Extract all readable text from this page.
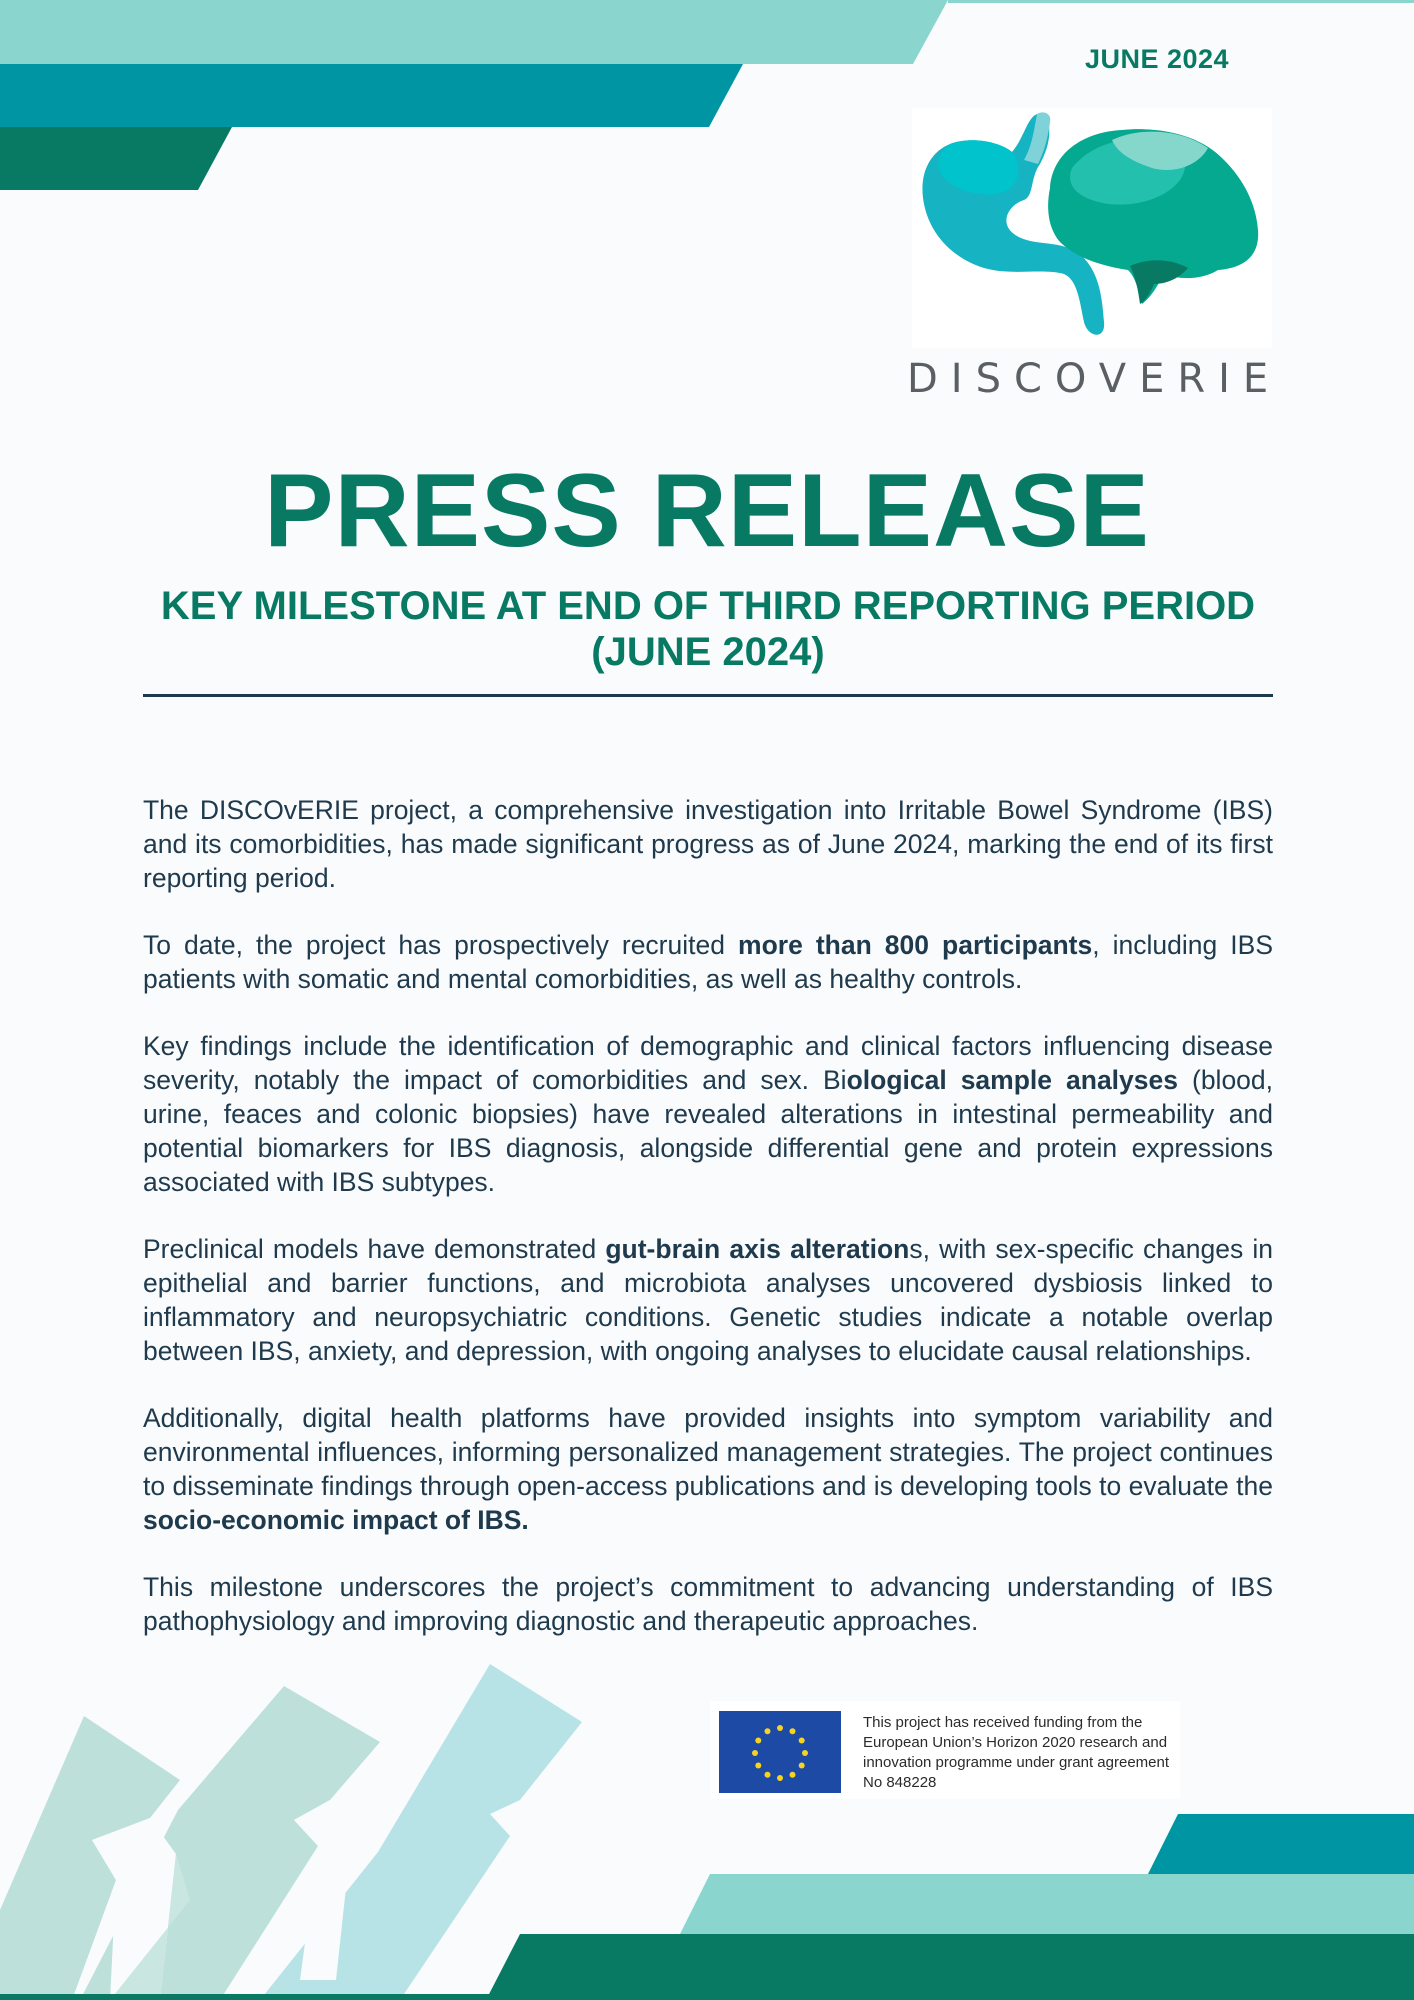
JUNE 2024
DISCOVERIE
PRESS RELEASE
KEY MILESTONE AT END OF THIRD REPORTING PERIOD (JUNE 2024)

The DISCOvERIE project, a comprehensive investigation into Irritable Bowel Syndrome (IBS) and its comorbidities, has made significant progress as of June 2024, marking the end of its first reporting period.

To date, the project has prospectively recruited more than 800 participants, including IBS patients with somatic and mental comorbidities, as well as healthy controls.

Key findings include the identification of demographic and clinical factors influencing disease severity, notably the impact of comorbidities and sex. Biological sample analyses (blood, urine, feaces and colonic biopsies) have revealed alterations in intestinal permeability and potential biomarkers for IBS diagnosis, alongside differential gene and protein expressions associated with IBS subtypes.

Preclinical models have demonstrated gut-brain axis alterations, with sex-specific changes in epithelial and barrier functions, and microbiota analyses uncovered dysbiosis linked to inflammatory and neuropsychiatric conditions. Genetic studies indicate a notable overlap between IBS, anxiety, and depression, with ongoing analyses to elucidate causal relationships.

Additionally, digital health platforms have provided insights into symptom variability and environmental influences, informing personalized management strategies. The project continues to disseminate findings through open-access publications and is developing tools to evaluate the socio-economic impact of IBS.

This milestone underscores the project’s commitment to advancing understanding of IBS pathophysiology and improving diagnostic and therapeutic approaches.

This project has received funding from the European Union’s Horizon 2020 research and innovation programme under grant agreement No 848228
